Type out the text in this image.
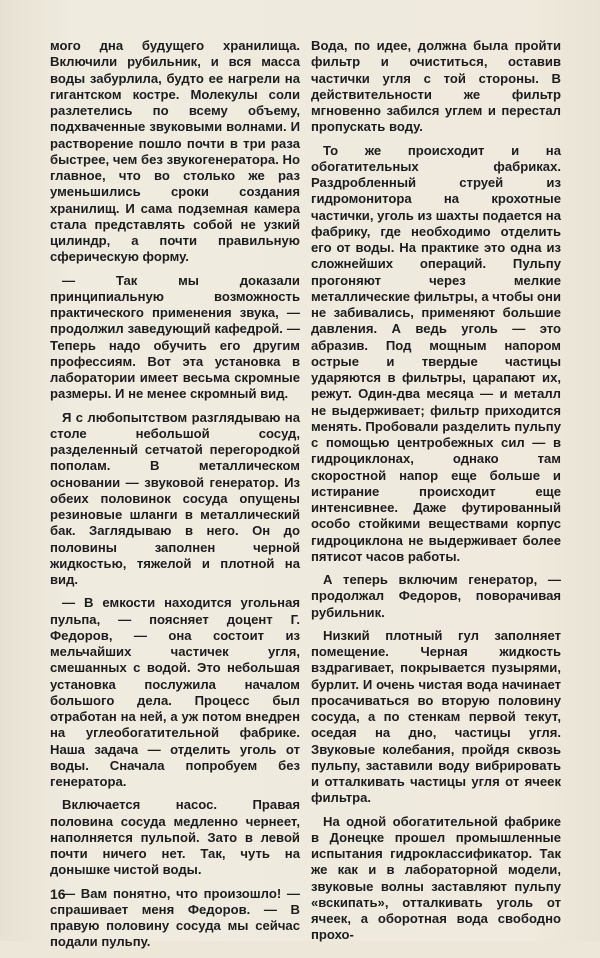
мого дна будущего хранилища. Включили рубильник, и вся масса воды забурлила, будто ее нагрели на гигантском костре. Молекулы соли разлетелись по всему объему, подхваченные звуковыми волнами. И растворение пошло почти в три раза быстрее, чем без звукогенератора. Но главное, что во столько же раз уменьшились сроки создания хранилищ. И сама подземная камера стала представлять собой не узкий цилиндр, а почти правильную сферическую форму.

— Так мы доказали принципиальную возможность практического применения звука, — продолжил заведующий кафедрой. — Теперь надо обучить его другим профессиям. Вот эта установка в лаборатории имеет весьма скромные размеры. И не менее скромный вид.

Я с любопытством разглядываю на столе небольшой сосуд, разделенный сетчатой перегородкой пополам. В металлическом основании — звуковой генератор. Из обеих половинок сосуда опущены резиновые шланги в металлический бак. Заглядываю в него. Он до половины заполнен черной жидкостью, тяжелой и плотной на вид.

— В емкости находится угольная пульпа, — поясняет доцент Г. Федоров, — она состоит из мельчайших частичек угля, смешанных с водой. Это небольшая установка послужила началом большого дела. Процесс был отработан на ней, а уж потом внедрен на углеобогатительной фабрике. Наша задача — отделить уголь от воды. Сначала попробуем без генератора.

Включается насос. Правая половина сосуда медленно чернеет, наполняется пульпой. Зато в левой почти ничего нет. Так, чуть на донышке чистой воды.

— Вам понятно, что произошло! — спрашивает меня Федоров. — В правую половину сосуда мы сейчас подали пульпу.

Вода, по идее, должна была пройти фильтр и очиститься, оставив частички угля с той стороны. В действительности же фильтр мгновенно забился углем и перестал пропускать воду.

То же происходит и на обогатительных фабриках. Раздробленный струей из гидромонитора на крохотные частички, уголь из шахты подается на фабрику, где необходимо отделить его от воды. На практике это одна из сложнейших операций. Пульпу прогоняют через мелкие металлические фильтры, а чтобы они не забивались, применяют большие давления. А ведь уголь — это абразив. Под мощным напором острые и твердые частицы ударяются в фильтры, царапают их, режут. Один-два месяца — и металл не выдерживает; фильтр приходится менять. Пробовали разделить пульпу с помощью центробежных сил — в гидроциклонах, однако там скоростной напор еще больше и истирание происходит еще интенсивнее. Даже футированный особо стойкими веществами корпус гидроциклона не выдерживает более пятисот часов работы.

А теперь включим генератор, — продолжал Федоров, поворачивая рубильник.

Низкий плотный гул заполняет помещение. Черная жидкость вздрагивает, покрывается пузырями, бурлит. И очень чистая вода начинает просачиваться во вторую половину сосуда, а по стенкам первой текут, оседая на дно, частицы угля. Звуковые колебания, пройдя сквозь пульпу, заставили воду вибрировать и отталкивать частицы угля от ячеек фильтра.

На одной обогатительной фабрике в Донецке прошел промышленные испытания гидроклассификатор. Так же как и в лабораторной модели, звуковые волны заставляют пульпу «вскипать», отталкивать уголь от ячеек, а оборотная вода свободно прохо-

16
